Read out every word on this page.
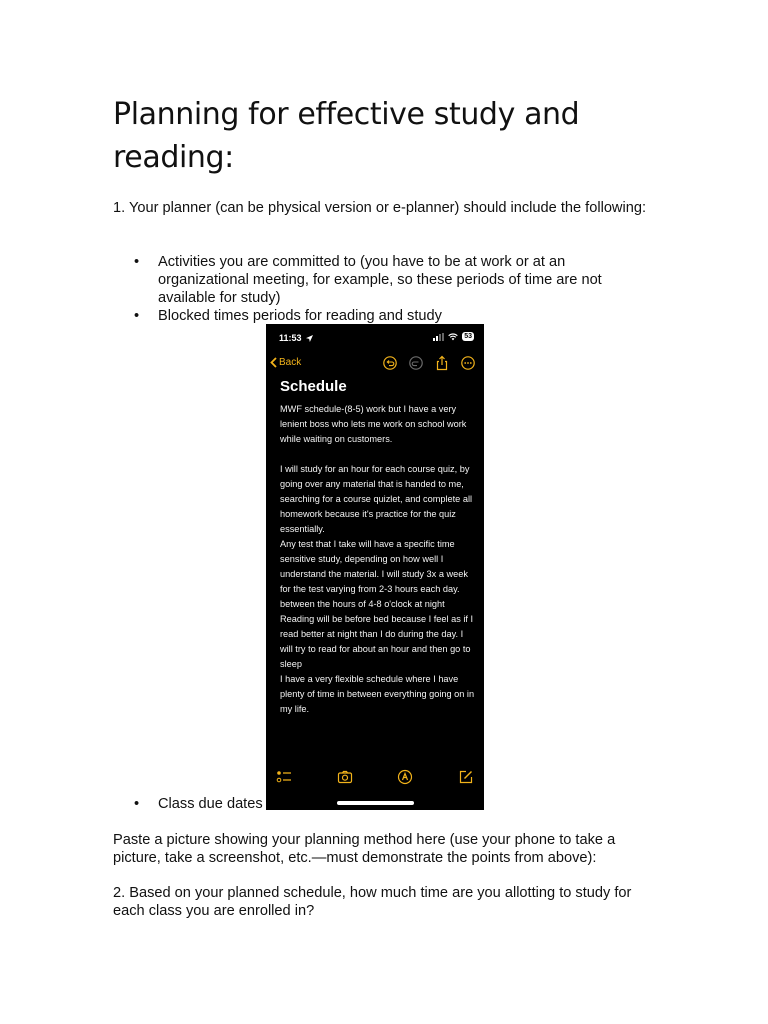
Planning for effective study and reading:

1. Your planner (can be physical version or e-planner) should include the following:

• Activities you are committed to (you have to be at work or at an organizational meeting, for example, so these periods of time are not available for study)
• Blocked times periods for reading and study
11:53	53
Back
Schedule
MWF schedule-(8-5) work but I have a very lenient boss who lets me work on school work while waiting on customers.

I will study for an hour for each course quiz, by going over any material that is handed to me, searching for a course quizlet, and complete all homework because it's practice for the quiz essentially.
Any test that I take will have a specific time sensitive study, depending on how well I understand the material. I will study 3x a week for the test varying from 2-3 hours each day. between the hours of 4-8 o'clock at night
Reading will be before bed because I feel as if I read better at night than I do during the day. I will try to read for about an hour and then go to sleep
I have a very flexible schedule where I have plenty of time in between everything going on in my life.
• Class due dates

Paste a picture showing your planning method here (use your phone to take a picture, take a screenshot, etc.—must demonstrate the points from above):

2. Based on your planned schedule, how much time are you allotting to study for each class you are enrolled in?
